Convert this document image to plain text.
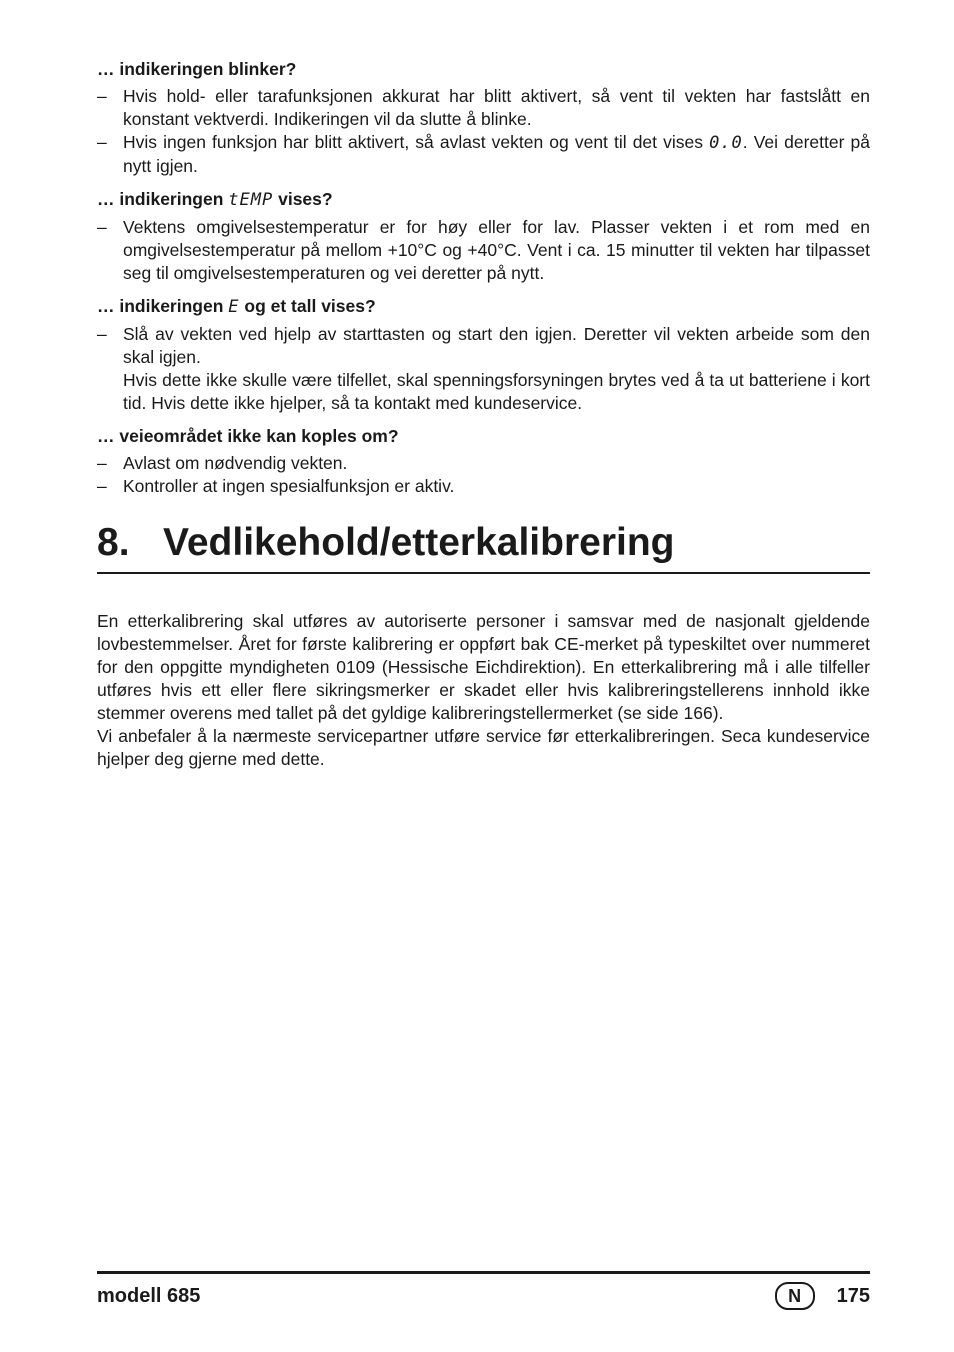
… indikeringen blinker?
– Hvis hold- eller tarafunksjonen akkurat har blitt aktivert, så vent til vekten har fastslått en konstant vektverdi. Indikeringen vil da slutte å blinke.
– Hvis ingen funksjon har blitt aktivert, så avlast vekten og vent til det vises 0.0. Vei deretter på nytt igjen.
… indikeringen tEMP vises?
– Vektens omgivelsestemperatur er for høy eller for lav. Plasser vekten i et rom med en omgivelsestemperatur på mellom +10°C og +40°C. Vent i ca. 15 minutter til vekten har tilpasset seg til omgivelsestemperaturen og vei deretter på nytt.
… indikeringen E og et tall vises?
– Slå av vekten ved hjelp av starttasten og start den igjen. Deretter vil vekten arbeide som den skal igjen.
Hvis dette ikke skulle være tilfellet, skal spenningsforsyningen brytes ved å ta ut batteriene i kort tid. Hvis dette ikke hjelper, så ta kontakt med kundeservice.
… veieområdet ikke kan koples om?
– Avlast om nødvendig vekten.
– Kontroller at ingen spesialfunksjon er aktiv.
8. Vedlikehold/etterkalibrering

En etterkalibrering skal utføres av autoriserte personer i samsvar med de nasjonalt gjeldende lovbestemmelser. Året for første kalibrering er oppført bak CE-merket på typeskiltet over nummeret for den oppgitte myndigheten 0109 (Hessische Eichdirektion). En etterkalibrering må i alle tilfeller utføres hvis ett eller flere sikringsmerker er skadet eller hvis kalibreringstellerens innhold ikke stemmer overens med tallet på det gyldige kalibreringstellermerket (se side 166).

Vi anbefaler å la nærmeste servicepartner utføre service før etterkalibreringen. Seca kundeservice hjelper deg gjerne med dette.

modell 685	N	175
